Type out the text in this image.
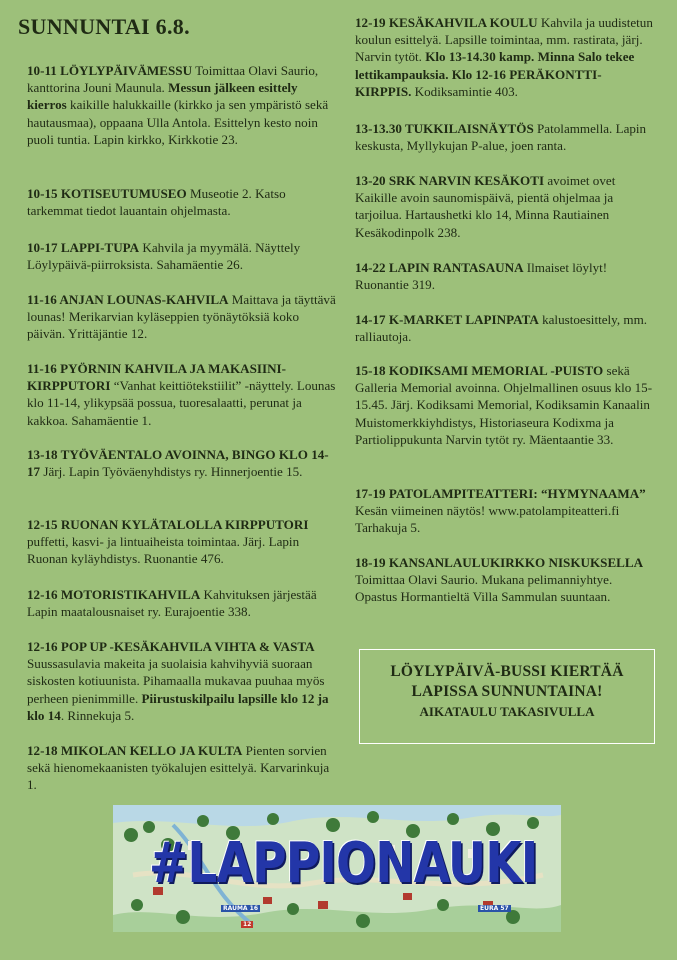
SUNNUNTAI 6.8.
10-11 LÖYLYPÄIVÄMESSU Toimittaa Olavi Saurio, kanttorina Jouni Maunula. Messun jälkeen esittely kierros kaikille halukkaille (kirkko ja sen ympäristö sekä hautausmaa), oppaana Ulla Antola. Esittelyn kesto noin puoli tuntia. Lapin kirkko, Kirkkotie 23.
10-15 KOTISEUTUMUSEO Museotie 2. Katso tarkemmat tiedot lauantain ohjelmasta.
10-17 LAPPI-TUPA Kahvila ja myymälä. Näyttely Löylypäivä-piirroksista. Sahamäentie 26.
11-16 ANJAN LOUNAS-KAHVILA Maittava ja täyttävä lounas! Merikarvian kyläseppien työnäytöksiä koko päivän. Yrittäjäntie 12.
11-16 PYÖRNIN KAHVILA JA MAKASIINI-KIRPPUTORI “Vanhat keittiötekstiilit” -näyttely. Lounas klo 11-14, ylikypsää possua, tuoresalaatti, perunat ja kakkoa. Sahamäentie 1.
13-18 TYÖVÄENTALO AVOINNA, BINGO KLO 14-17 Järj. Lapin Työväenyhdistys ry. Hinnerjoentie 15.
12-15 RUONAN KYLÄTALOLLA KIRPPUTORI puffetti, kasvi- ja lintuaiheista toimintaa. Järj. Lapin Ruonan kyläyhdistys. Ruonantie 476.
12-16 MOTORISTIKAHVILA Kahvituksen järjestää Lapin maatalousnaiset ry. Eurajoentie 338.
12-16 POP UP -KESÄKAHVILA VIHTA & VASTA Suussasulavia makeita ja suolaisia kahvihyviä suoraan siskosten kotiuunista. Pihamaalla mukavaa puuhaa myös perheen pienimmille. Piirustuskilpailu lapsille klo 12 ja klo 14. Rinnekuja 5.
12-18 MIKOLAN KELLO JA KULTA Pienten sorvien sekä hienomekaanisten työkalujen esittelyä. Karvarinkuja 1.
12-19 KESÄKAHVILA KOULU Kahvila ja uudistetun koulun esittelyä. Lapsille toimintaa, mm. rastirata, järj. Narvin tytöt. Klo 13-14.30 kamp. Minna Salo tekee lettikampauksia. Klo 12-16 PERÄKONTTI-KIRPPIS. Kodiksamintie 403.
13-13.30 TUKKILAISNÄYTÖS Patolammella. Lapin keskusta, Myllykujan P-alue, joen ranta.
13-20 SRK NARVIN KESÄKOTI avoimet ovet Kaikille avoin saunomispäivä, pientä ohjelmaa ja tarjoilua. Hartaushetki klo 14, Minna Rautiainen Kesäkodinpolk 238.
14-22 LAPIN RANTASAUNA Ilmaiset löylyt! Ruonantie 319.
14-17 K-MARKET LAPINPATA kalustoesittely, mm. ralliautoja.
15-18 KODIKSAMI MEMORIAL -PUISTO sekä Galleria Memorial avoinna. Ohjelmallinen osuus klo 15-15.45. Järj. Kodiksami Memorial, Kodiksamin Kanaalin Muistomerkkiyhdistys, Historiaseura Kodixma ja Partiolippukunta Narvin tytöt ry. Mäentaantie 33.
17-19 PATOLAMPITEATTERI: “HYMYNAAMA” Kesän viimeinen näytös! www.patolampiteatteri.fi Tarhakuja 5.
18-19 KANSANLAULUKIRKKO NISKUKSELLA Toimittaa Olavi Saurio. Mukana pelimanniyhtye. Opastus Hormantieltä Villa Sammulan suuntaan.
LÖYLYPÄIVÄ-BUSSI KIERTÄÄ
LAPISSA SUNNUNTAINA!
AIKATAULU TAKASIVULLA
RAUMA 16	EURA 57
12
#LAPPIONAUKI
